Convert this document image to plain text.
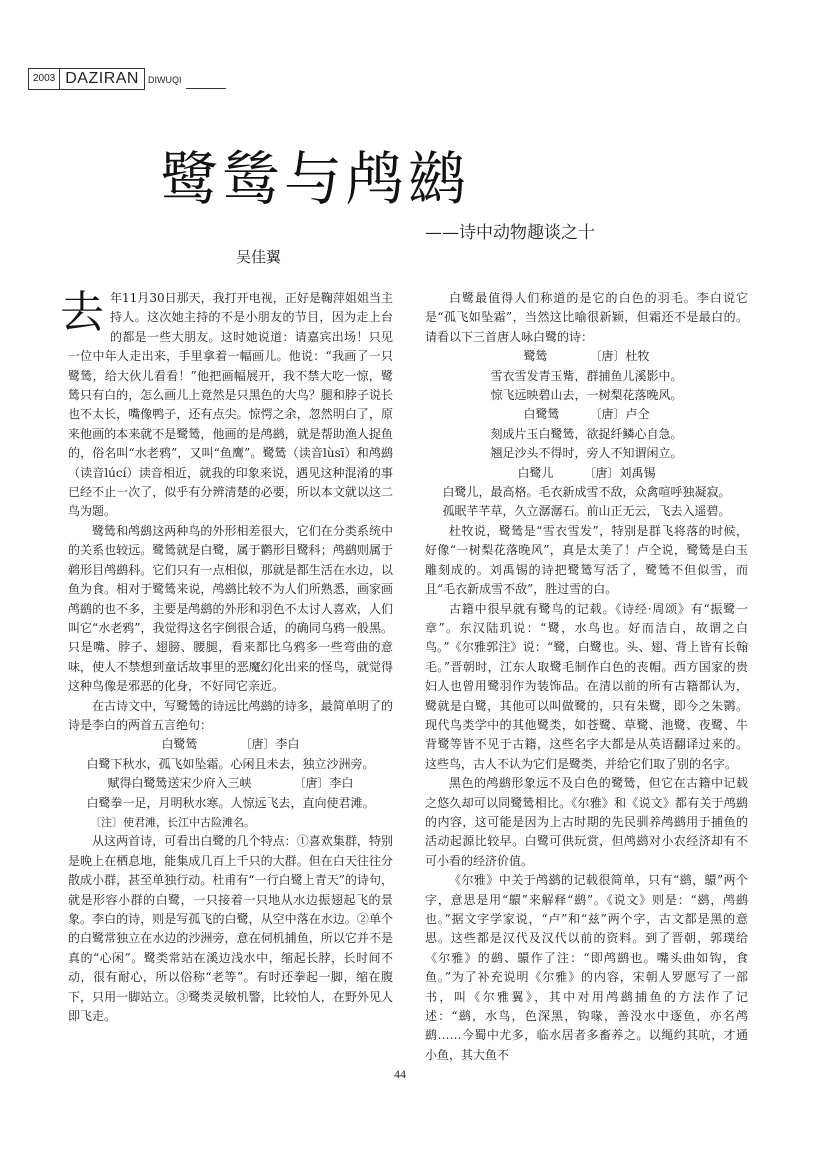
2003 DAZIRAN	DIWUQI
鹭鸶与鸬鹚
——诗中动物趣谈之十
吴佳翼

去年11月30日那天，我打开电视，正好是鞠萍姐姐当主持人。这次她主持的不是小朋友的节目，因为走上台的都是一些大朋友。这时她说道：请嘉宾出场！只见一位中年人走出来，手里拿着一幅画儿。他说：“我画了一只鹭鸶，给大伙儿看看！”他把画幅展开，我不禁大吃一惊，鹭鸶只有白的，怎么画儿上竟然是只黑色的大鸟？腿和脖子说长也不太长，嘴像鸭子，还有点尖。惊愕之余，忽然明白了，原来他画的本来就不是鹭鸶，他画的是鸬鹚，就是帮助渔人捉鱼的，俗名叫“水老鸦”，又叫“鱼鹰”。鹭鸶（读音lùsī）和鸬鹚（读音lúcí）读音相近，就我的印象来说，遇见这种混淆的事已经不止一次了，似乎有分辨清楚的必要，所以本文就以这二鸟为题。

鹭鸶和鸬鹚这两种鸟的外形相差很大，它们在分类系统中的关系也较远。鹭鸶就是白鹭，属于鹳形目鹭科；鸬鹚则属于鹈形目鸬鹚科。它们只有一点相似，那就是都生活在水边，以鱼为食。相对于鹭鸶来说，鸬鹚比较不为人们所熟悉，画家画鸬鹚的也不多，主要是鸬鹚的外形和羽色不太讨人喜欢，人们叫它“水老鸦”，我觉得这名字倒很合适，的确同乌鸦一般黑。只是嘴、脖子、翅膀、腰腿，看来都比乌鸦多一些弯曲的意味，使人不禁想到童话故事里的恶魔幻化出来的怪鸟，就觉得这种鸟像是邪恶的化身，不好同它亲近。

在古诗文中，写鹭鸶的诗远比鸬鹚的诗多，最简单明了的诗是李白的两首五言绝句：

白鹭鸶　　　　〔唐〕李白
白鹭下秋水，孤飞如坠霜。心闲且未去，独立沙洲旁。
赋得白鹭鸶送宋少府入三峡　　　　〔唐〕李白
白鹭拳一足，月明秋水寒。人惊远飞去，直向使君滩。
〔注〕使君滩，长江中古险滩名。

从这两首诗，可看出白鹭的几个特点：①喜欢集群，特别是晚上在栖息地，能集成几百上千只的大群。但在白天往往分散成小群，甚至单独行动。杜甫有“一行白鹭上青天”的诗句，就是形容小群的白鹭，一只接着一只地从水边振翅起飞的景象。李白的诗，则是写孤飞的白鹭，从空中落在水边。②单个的白鹭常独立在水边的沙洲旁，意在伺机捕鱼，所以它并不是真的“心闲”。鹭类常站在溪边浅水中，缩起长脖，长时间不动，很有耐心，所以俗称“老等”。有时还拳起一脚，缩在腹下，只用一脚站立。③鹭类灵敏机警，比较怕人，在野外见人即飞走。

白鹭最值得人们称道的是它的白色的羽毛。李白说它是“孤飞如坠霜”，当然这比喻很新颖，但霜还不是最白的。请看以下三首唐人咏白鹭的诗：

鹭鸶　　　　〔唐〕杜牧
雪衣雪发青玉觜，群捕鱼儿溪影中。
惊飞远映碧山去，一树梨花落晚风。
白鹭鸶　　　〔唐〕卢仝
刻成片玉白鹭鸶，欲捉纤鳞心自急。
翘足沙头不得时，旁人不知谓闲立。
白鹭儿　　　〔唐〕刘禹锡
白鹭儿，最高格。毛衣新成雪不敌，众禽喧呼独凝寂。
孤眠芊芊草，久立潺潺石。前山正无云，飞去入遥碧。

杜牧说，鹭鸶是“雪衣雪发”，特别是群飞将落的时候，好像“一树梨花落晚风”，真是太美了！卢仝说，鹭鸶是白玉雕刻成的。刘禹锡的诗把鹭鸶写活了，鹭鸶不但似雪，而且“毛衣新成雪不敌”，胜过雪的白。

古籍中很早就有鹭鸟的记载。《诗经·周颂》有“振鹭一章”。东汉陆玑说：“鹭，水鸟也。好而洁白，故谓之白鸟。”《尔雅郭注》说：“鹭，白鹭也。头、翅、背上皆有长翰毛。”晋朝时，江东人取鹭毛制作白色的丧帽。西方国家的贵妇人也曾用鹭羽作为装饰品。在清以前的所有古籍都认为，鹭就是白鹭，其他可以叫做鹭的，只有朱鹭，即今之朱鹮。现代鸟类学中的其他鹭类，如苍鹭、草鹭、池鹭、夜鹭、牛背鹭等皆不见于古籍，这些名字大都是从英语翻译过来的。这些鸟，古人不认为它们是鹭类，并给它们取了别的名字。

黑色的鸬鹚形象远不及白色的鹭鸶，但它在古籍中记载之悠久却可以同鹭鸶相比。《尔雅》和《说文》都有关于鸬鹚的内容，这可能是因为上古时期的先民驯养鸬鹚用于捕鱼的活动起源比较早。白鹭可供玩赏，但鸬鹚对小农经济却有不可小看的经济价值。

《尔雅》中关于鸬鹚的记载很简单，只有“鹚，䴋”两个字，意思是用“䴋”来解释“鹚”。《说文》则是：“鹚，鸬鹚也。”据文字学家说，“卢”和“兹”两个字，古文都是黑的意思。这些都是汉代及汉代以前的资料。到了晋朝，郭璞给《尔雅》的鹚、䴋作了注：“即鸬鹚也。嘴头曲如钩，食鱼。”为了补充说明《尔雅》的内容，宋朝人罗愿写了一部书，叫《尔雅翼》，其中对用鸬鹚捕鱼的方法作了记述：“鹚，水鸟，色深黑，钩喙，善没水中逐鱼，亦名鸬鹚……今蜀中尤多，临水居者多畜养之。以绳约其吭，才通小鱼，其大鱼不

44
